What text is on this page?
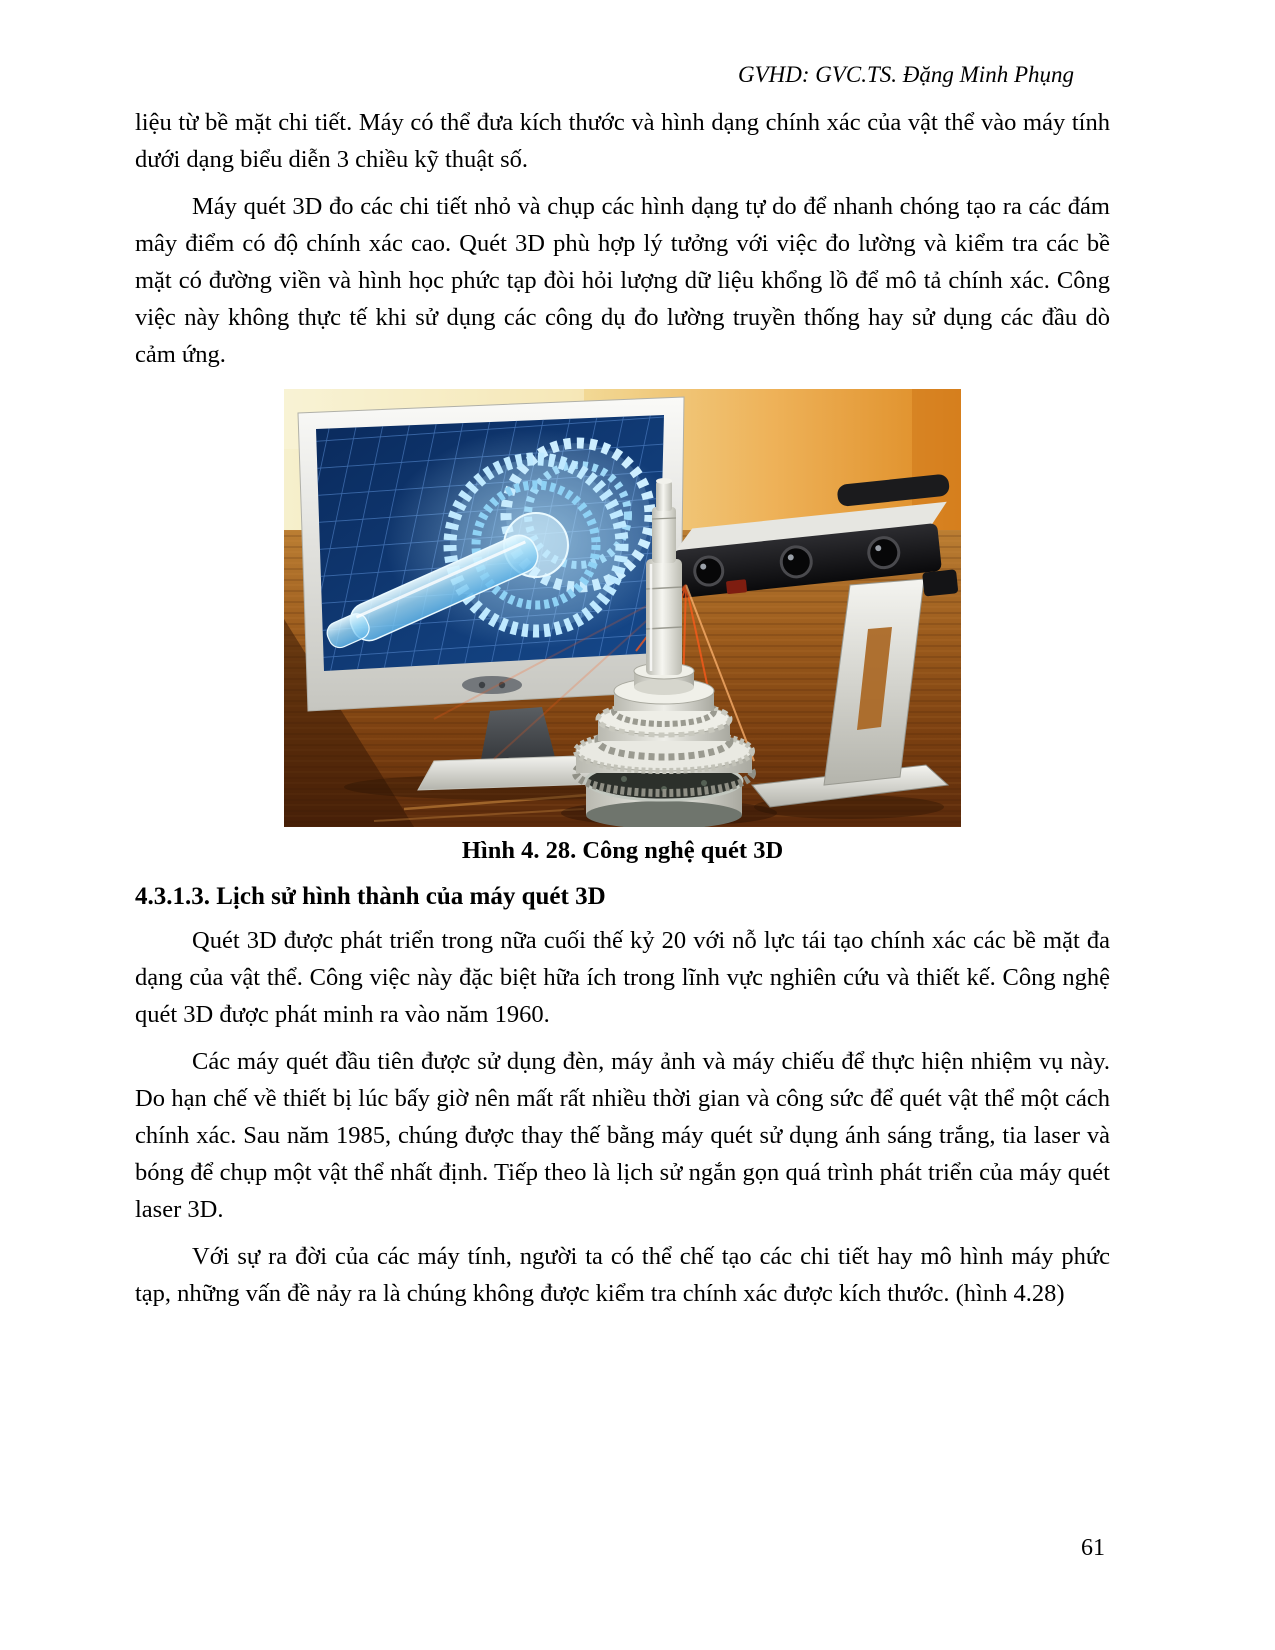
GVHD: GVC.TS. Đặng Minh Phụng

liệu từ bề mặt chi tiết. Máy có thể đưa kích thước và hình dạng chính xác của vật thể vào máy tính dưới dạng biểu diễn 3 chiều kỹ thuật số.

Máy quét 3D đo các chi tiết nhỏ và chụp các hình dạng tự do để nhanh chóng tạo ra các đám mây điểm có độ chính xác cao. Quét 3D phù hợp lý tưởng với việc đo lường và kiểm tra các bề mặt có đường viền và hình học phức tạp đòi hỏi lượng dữ liệu khổng lồ để mô tả chính xác. Công việc này không thực tế khi sử dụng các công dụ đo lường truyền thống hay sử dụng các đầu dò cảm ứng.

Hình 4. 28. Công nghệ quét 3D
4.3.1.3. Lịch sử hình thành của máy quét 3D

Quét 3D được phát triển trong nữa cuối thế kỷ 20 với nỗ lực tái tạo chính xác các bề mặt đa dạng của vật thể. Công việc này đặc biệt hữa ích trong lĩnh vực nghiên cứu và thiết kế. Công nghệ quét 3D được phát minh ra vào năm 1960.

Các máy quét đầu tiên được sử dụng đèn, máy ảnh và máy chiếu để thực hiện nhiệm vụ này. Do hạn chế về thiết bị lúc bấy giờ nên mất rất nhiều thời gian và công sức để quét vật thể một cách chính xác. Sau năm 1985, chúng được thay thế bằng máy quét sử dụng ánh sáng trắng, tia laser và bóng để chụp một vật thể nhất định. Tiếp theo là lịch sử ngắn gọn quá trình phát triển của máy quét laser 3D.

Với sự ra đời của các máy tính, người ta có thể chế tạo các chi tiết hay mô hình máy phức tạp, những vấn đề nảy ra là chúng không được kiểm tra chính xác được kích thước. (hình 4.28)

61
